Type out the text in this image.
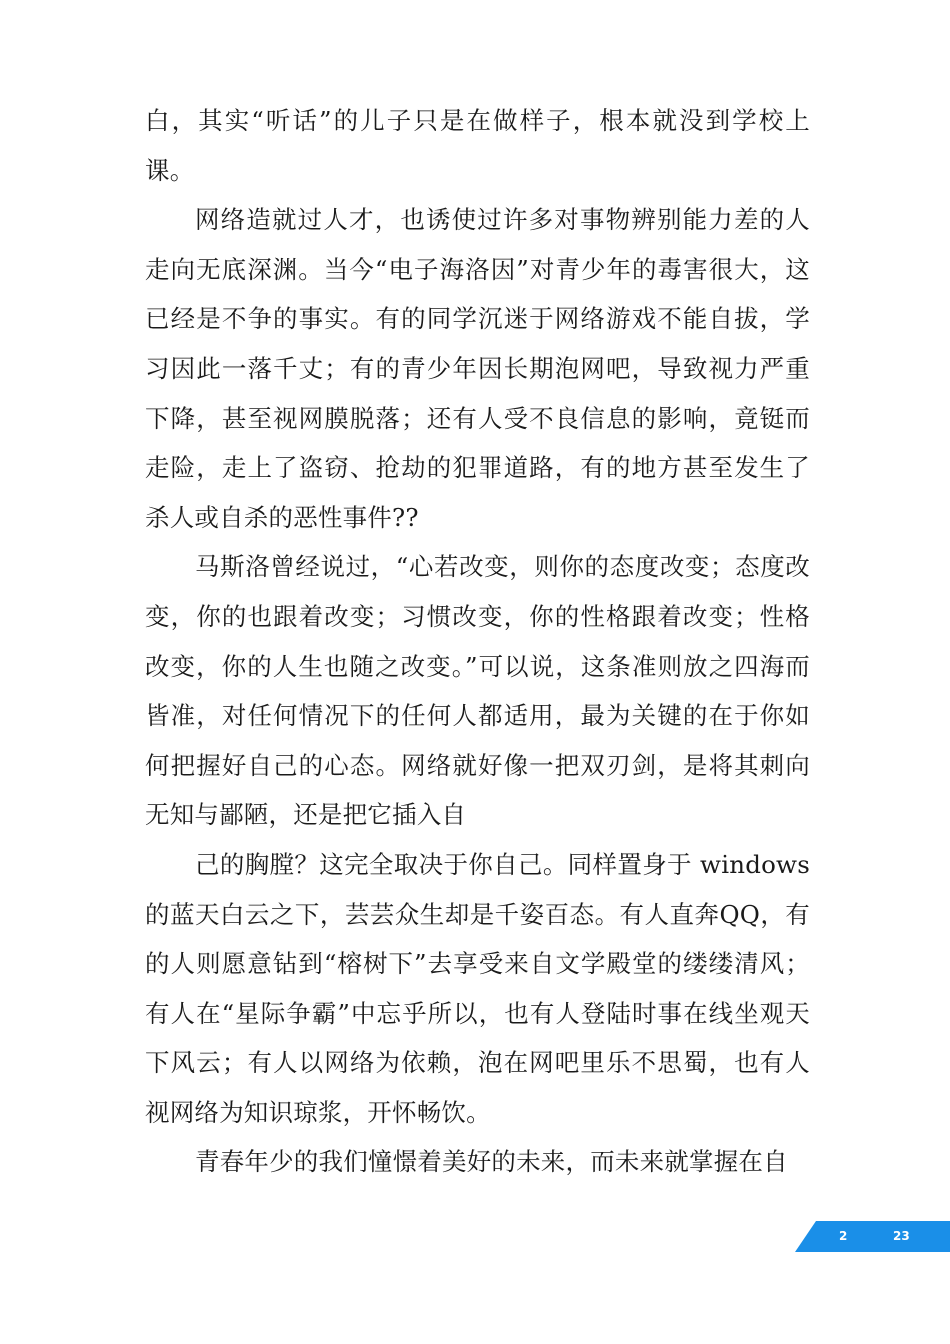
白，其实“听话”的儿子只是在做样子，根本就没到学校上课。

网络造就过人才，也诱使过许多对事物辨别能力差的人走向无底深渊。当今“电子海洛因”对青少年的毒害很大，这已经是不争的事实。有的同学沉迷于网络游戏不能自拔，学习因此一落千丈；有的青少年因长期泡网吧，导致视力严重下降，甚至视网膜脱落；还有人受不良信息的影响，竟铤而走险，走上了盗窃、抢劫的犯罪道路，有的地方甚至发生了杀人或自杀的恶性事件??

马斯洛曾经说过，“心若改变，则你的态度改变；态度改变，你的也跟着改变；习惯改变，你的性格跟着改变；性格改变，你的人生也随之改变。”可以说，这条准则放之四海而皆准，对任何情况下的任何人都适用，最为关键的在于你如何把握好自己的心态。网络就好像一把双刃剑，是将其刺向无知与鄙陋，还是把它插入自

己的胸膛？这完全取决于你自己。同样置身于 windows 的蓝天白云之下，芸芸众生却是千姿百态。有人直奔QQ，有的人则愿意钻到“榕树下”去享受来自文学殿堂的缕缕清风；有人在“星际争霸”中忘乎所以，也有人登陆时事在线坐观天下风云；有人以网络为依赖，泡在网吧里乐不思蜀，也有人视网络为知识琼浆，开怀畅饮。

青春年少的我们憧憬着美好的未来，而未来就掌握在自

2	23
